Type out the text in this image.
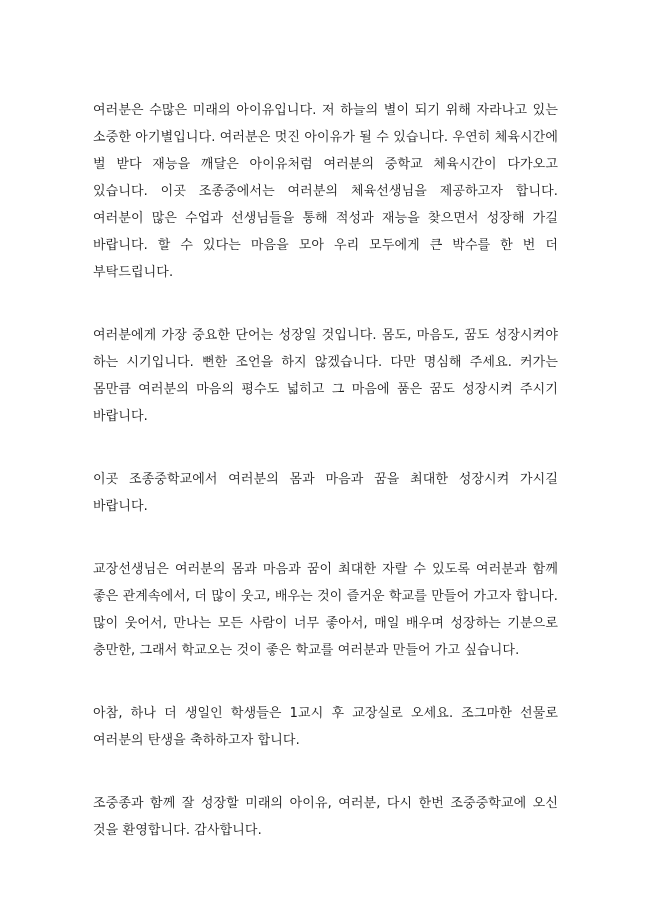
여러분은 수많은 미래의 아이유입니다. 저 하늘의 별이 되기 위해 자라나고 있는 소중한 아기별입니다. 여러분은 멋진 아이유가 될 수 있습니다. 우연히 체육시간에 벌 받다 재능을 깨달은 아이유처럼 여러분의 중학교 체육시간이 다가오고 있습니다. 이곳 조종중에서는 여러분의 체육선생님을 제공하고자 합니다. 여러분이 많은 수업과 선생님들을 통해 적성과 재능을 찾으면서 성장해 가길 바랍니다. 할 수 있다는 마음을 모아 우리 모두에게 큰 박수를 한 번 더 부탁드립니다.

여러분에게 가장 중요한 단어는 성장일 것입니다. 몸도, 마음도, 꿈도 성장시켜야 하는 시기입니다. 뻔한 조언을 하지 않겠습니다. 다만 명심해 주세요. 커가는 몸만큼 여러분의 마음의 평수도 넓히고 그 마음에 품은 꿈도 성장시켜 주시기 바랍니다.

이곳 조종중학교에서 여러분의 몸과 마음과 꿈을 최대한 성장시켜 가시길 바랍니다.

교장선생님은 여러분의 몸과 마음과 꿈이 최대한 자랄 수 있도록 여러분과 함께 좋은 관계속에서, 더 많이 웃고, 배우는 것이 즐거운 학교를 만들어 가고자 합니다. 많이 웃어서, 만나는 모든 사람이 너무 좋아서, 매일 배우며 성장하는 기분으로 충만한, 그래서 학교오는 것이 좋은 학교를 여러분과 만들어 가고 싶습니다.

아참, 하나 더 생일인 학생들은 1교시 후 교장실로 오세요. 조그마한 선물로 여러분의 탄생을 축하하고자 합니다.

조중종과 함께 잘 성장할 미래의 아이유, 여러분, 다시 한번 조중중학교에 오신 것을 환영합니다. 감사합니다.
